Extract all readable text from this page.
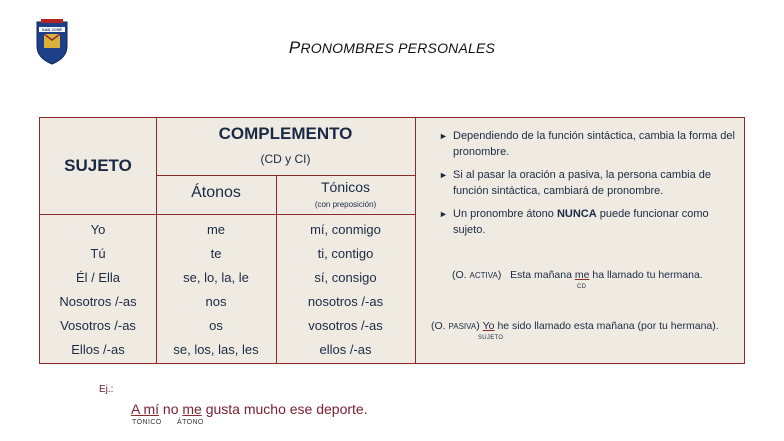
SAN JOSÉ
PRONOMBRES PERSONALES
SUJETO
COMPLEMENTO
(CD y CI)
Átonos	Tónicos
(con preposición)
Yo	me	mí, conmigo
Tú	te	ti, contigo
Él / Ella	se, lo, la, le	sí, consigo
Nosotros /-as	nos	nosotros /-as
Vosotros /-as	os	vosotros /-as
Ellos /-as	se, los, las, les	ellos /-as
► Dependiendo de la función sintáctica, cambia la forma del pronombre.
► Si al pasar la oración a pasiva, la persona cambia de función sintáctica, cambiará de pronombre.
► Un pronombre átono NUNCA puede funcionar como sujeto.
(O. ACTIVA) Esta mañana me ha llamado tu hermana.
CD
(O. PASIVA) Yo he sido llamado esta mañana (por tu hermana).
SUJETO
Ej.:
A mí no me gusta mucho ese deporte.
TÓNICO ÁTONO
